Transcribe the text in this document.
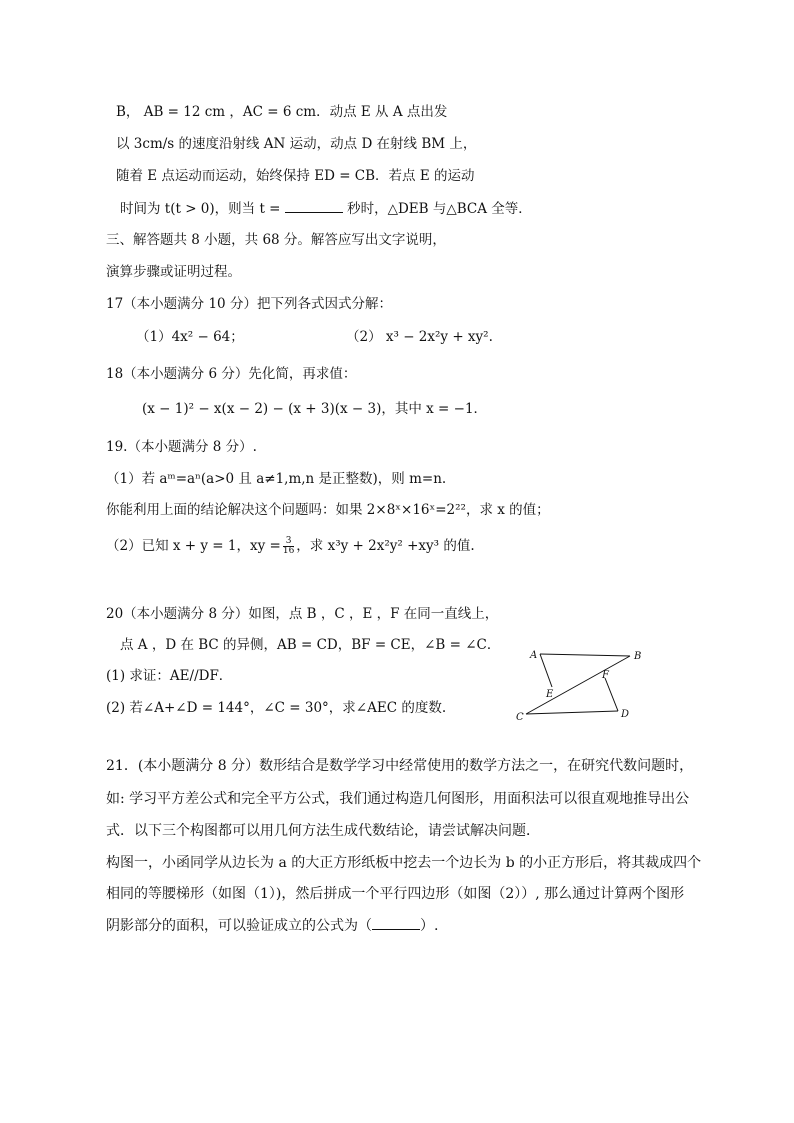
B， AB = 12 cm ，AC = 6 cm．动点 E 从 A 点出发
以 3cm/s 的速度沿射线 AN 运动，动点 D 在射线 BM 上，
随着 E 点运动而运动，始终保持 ED = CB．若点 E 的运动
时间为 t(t > 0)，则当 t =	秒时，△DEB 与△BCA 全等．
三、解答题共 8 小题，共 68 分。解答应写出文字说明，
演算步骤或证明过程。
17（本小题满分 10 分）把下列各式因式分解：
（1）4x² − 64；	（2） x³ − 2x²y + xy².
18（本小题满分 6 分）先化简，再求值：
(x − 1)² − x(x − 2) − (x + 3)(x − 3)，其中 x = −1．
19.（本小题满分 8 分）.
（1）若 aᵐ=aⁿ(a>0 且 a≠1,m,n 是正整数)，则 m=n.
你能利用上面的结论解决这个问题吗：如果 2×8ˣ×16ˣ=2²²，求 x 的值；
（2）已知 x + y = 1，xy = $\frac{3}{16}$ ，求 x³y + 2x²y² +xy³ 的值.
20（本小题满分 8 分）如图，点 B ，C ，E ，F 在同一直线上，
点 A ，D 在 BC 的异侧，AB = CD，BF = CE，∠B = ∠C．
(1) 求证：AE//DF．
(2) 若∠A+∠D = 144°，∠C = 30°，求∠AEC 的度数.
A	B
C	D
E
F
21．(本小题满分 8 分）数形结合是数学学习中经常使用的数学方法之一，在研究代数问题时，
如: 学习平方差公式和完全平方公式，我们通过构造几何图形，用面积法可以很直观地推导出公
式．以下三个构图都可以用几何方法生成代数结论，请尝试解决问题．
构图一，小函同学从边长为 a 的大正方形纸板中挖去一个边长为 b 的小正方形后，将其裁成四个
相同的等腰梯形（如图（1）)，然后拼成一个平行四边形（如图（2））, 那么通过计算两个图形
阴影部分的面积，可以验证成立的公式为（	）.
